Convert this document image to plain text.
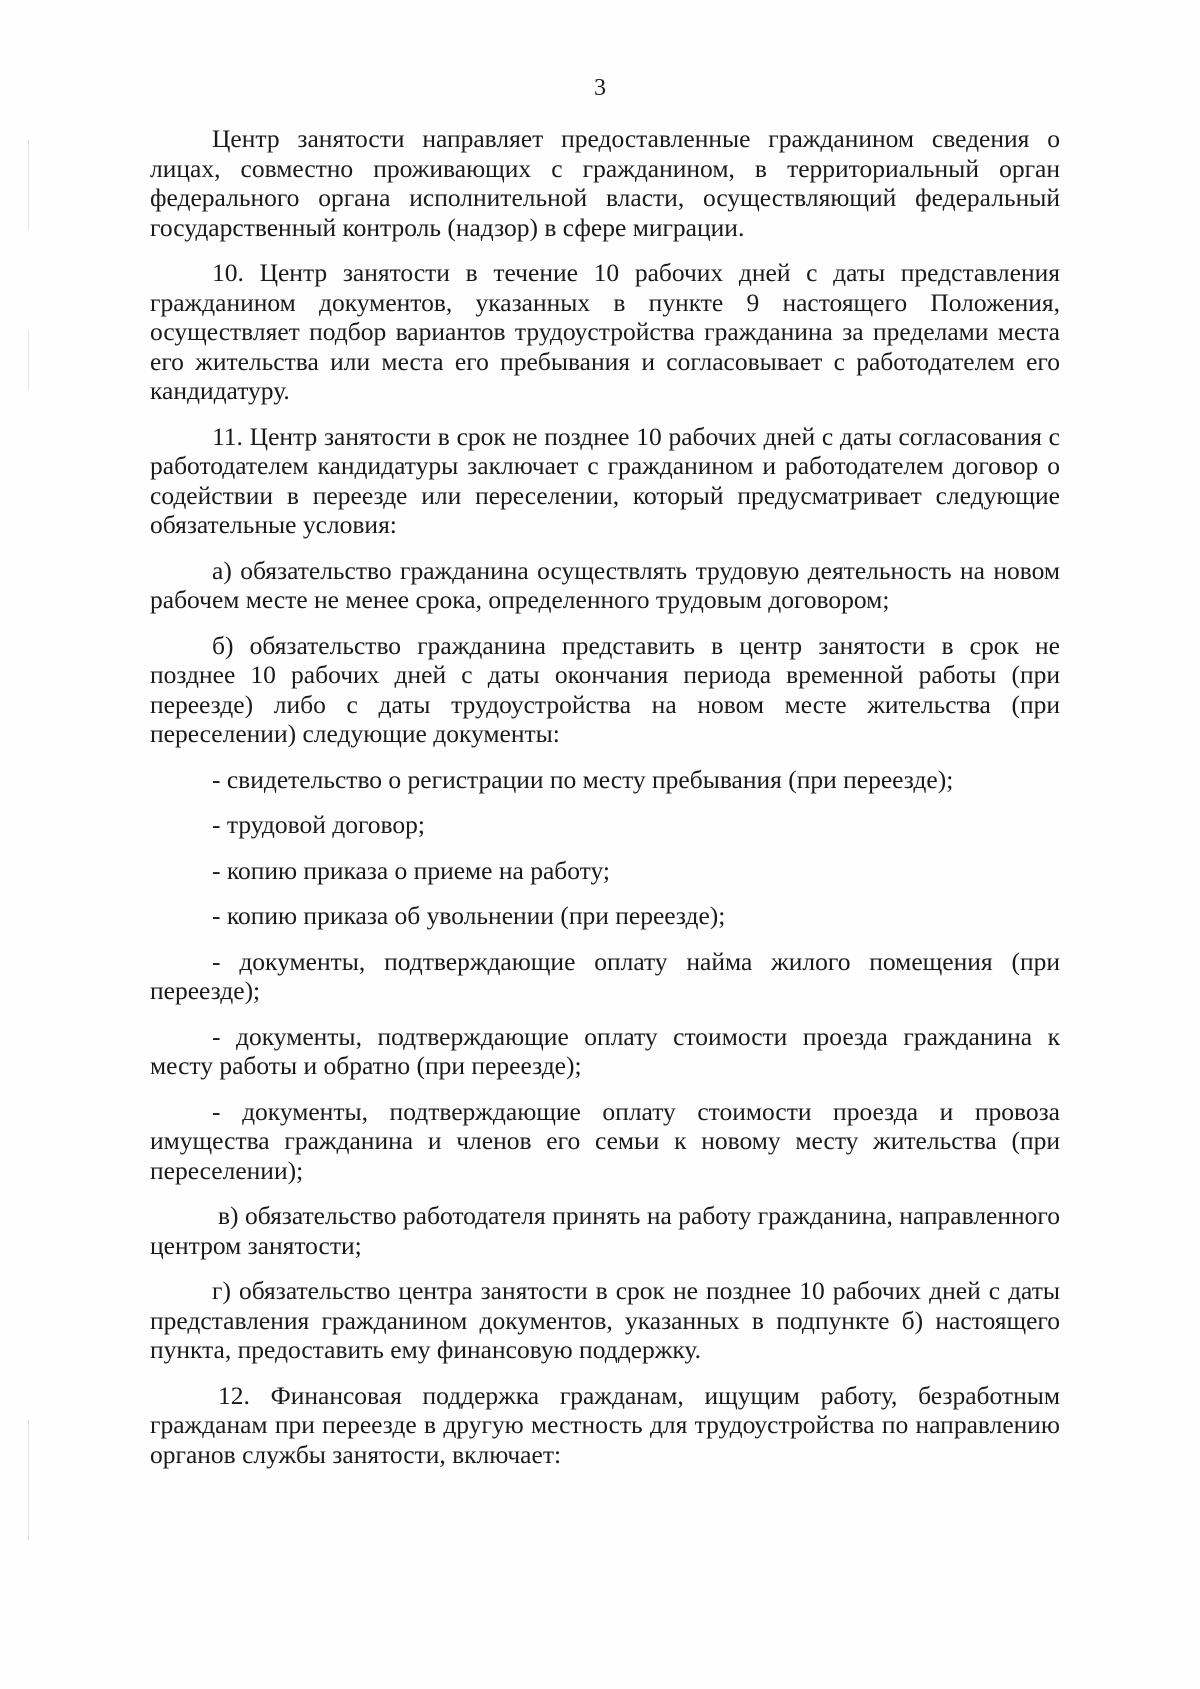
3

Центр занятости направляет предоставленные гражданином сведения о лицах, совместно проживающих с гражданином, в территориальный орган федерального органа исполнительной власти, осуществляющий федеральный государственный контроль (надзор) в сфере миграции.

10. Центр занятости в течение 10 рабочих дней с даты представления гражданином документов, указанных в пункте 9 настоящего Положения, осуществляет подбор вариантов трудоустройства гражданина за пределами места его жительства или места его пребывания и согласовывает с работодателем его кандидатуру.

11. Центр занятости в срок не позднее 10 рабочих дней с даты согласования с работодателем кандидатуры заключает с гражданином и работодателем договор о содействии в переезде или переселении, который предусматривает следующие обязательные условия:

а) обязательство гражданина осуществлять трудовую деятельность на новом рабочем месте не менее срока, определенного трудовым договором;

б) обязательство гражданина представить в центр занятости в срок не позднее 10 рабочих дней с даты окончания периода временной работы (при переезде) либо с даты трудоустройства на новом месте жительства (при переселении) следующие документы:

- свидетельство о регистрации по месту пребывания (при переезде);

- трудовой договор;

- копию приказа о приеме на работу;

- копию приказа об увольнении (при переезде);

- документы, подтверждающие оплату найма жилого помещения (при переезде);

- документы, подтверждающие оплату стоимости проезда гражданина к месту работы и обратно (при переезде);

- документы, подтверждающие оплату стоимости проезда и провоза имущества гражданина и членов его семьи к новому месту жительства (при переселении);

в) обязательство работодателя принять на работу гражданина, направленного центром занятости;

г) обязательство центра занятости в срок не позднее 10 рабочих дней с даты представления гражданином документов, указанных в подпункте б) настоящего пункта, предоставить ему финансовую поддержку.

12. Финансовая поддержка гражданам, ищущим работу, безработным гражданам при переезде в другую местность для трудоустройства по направлению органов службы занятости, включает:
